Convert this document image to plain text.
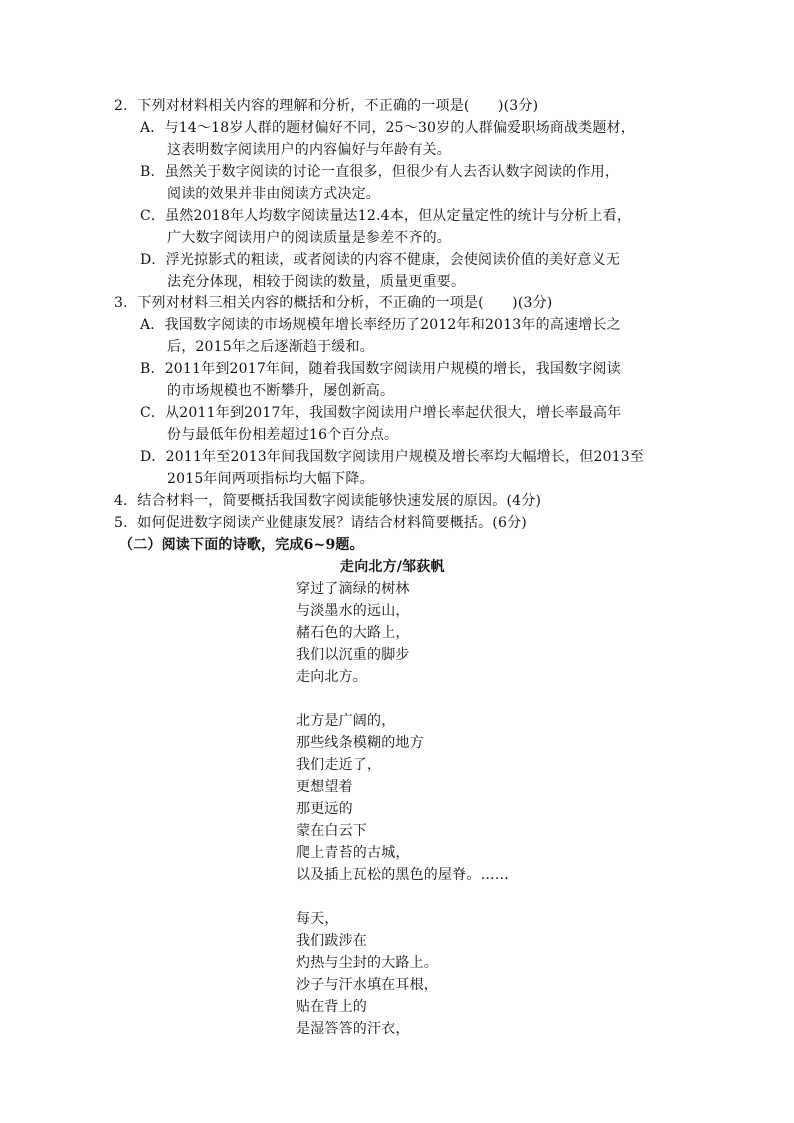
2．下列对材料相关内容的理解和分析，不正确的一项是(　　)(3分)
A．与14～18岁人群的题材偏好不同，25～30岁的人群偏爱职场商战类题材，
这表明数字阅读用户的内容偏好与年龄有关。
B．虽然关于数字阅读的讨论一直很多，但很少有人去否认数字阅读的作用，
阅读的效果并非由阅读方式决定。
C．虽然2018年人均数字阅读量达12.4本，但从定量定性的统计与分析上看，
广大数字阅读用户的阅读质量是参差不齐的。
D．浮光掠影式的粗读，或者阅读的内容不健康，会使阅读价值的美好意义无
法充分体现，相较于阅读的数量，质量更重要。
3．下列对材料三相关内容的概括和分析，不正确的一项是(　　)(3分)
A．我国数字阅读的市场规模年增长率经历了2012年和2013年的高速增长之
后，2015年之后逐渐趋于缓和。
B．2011年到2017年间，随着我国数字阅读用户规模的增长，我国数字阅读
的市场规模也不断攀升，屡创新高。
C．从2011年到2017年，我国数字阅读用户增长率起伏很大，增长率最高年
份与最低年份相差超过16个百分点。
D．2011年至2013年间我国数字阅读用户规模及增长率均大幅增长，但2013至
2015年间两项指标均大幅下降。
4．结合材料一，简要概括我国数字阅读能够快速发展的原因。(4分)
5．如何促进数字阅读产业健康发展？请结合材料简要概括。(6分)
（二）阅读下面的诗歌，完成6~9题。
走向北方/邹荻帆
穿过了滴绿的树林
与淡墨水的远山，
赭石色的大路上，
我们以沉重的脚步
走向北方。
北方是广阔的，
那些线条模糊的地方
我们走近了，
更想望着
那更远的
蒙在白云下
爬上青苔的古城，
以及插上瓦松的黑色的屋脊。……
每天，
我们跋涉在
灼热与尘封的大路上。
沙子与汗水填在耳根，
贴在背上的
是湿答答的汗衣，
